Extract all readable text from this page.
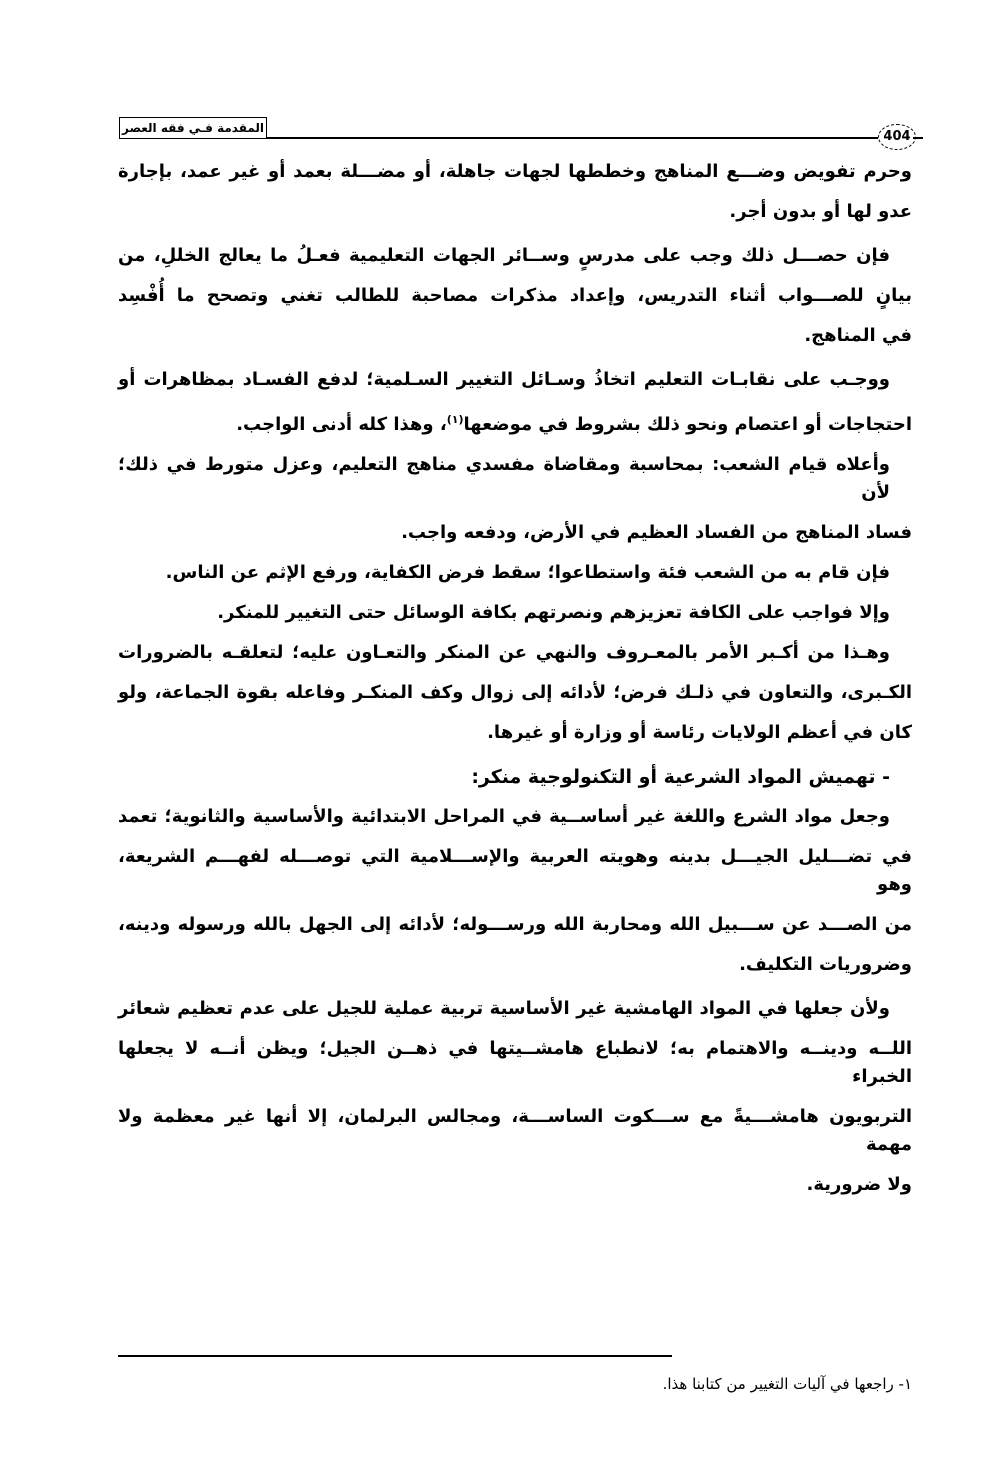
المقدمة فـي فقه العصر
404
وحرم تفويض وضـــع المناهج وخططها لجهات جاهلة، أو مضـــلة بعمد أو غير عمد، بإجارة
عدو لها أو بدون أجر.
فإن حصـــل ذلك وجب على مدرسٍ وســائر الجهات التعليمية فعـلُ ما يعالج الخللِ، من
بيانٍ للصـــواب أثناء التدريس، وإعداد مذكرات مصاحبة للطالب تغني وتصحح ما أُفْسِد
في المناهج.
ووجـب على نقابـات التعليم اتخاذُ وسـائل التغيير السـلمية؛ لدفع الفسـاد بمظاهرات أو
احتجاجات أو اعتصام ونحو ذلك بشروط في موضعها$^{(١)}$، وهذا كله أدنى الواجب.
وأعلاه قيام الشعب: بمحاسبة ومقاضاة مفسدي مناهج التعليم، وعزل متورط في ذلك؛ لأن
فساد المناهج من الفساد العظيم في الأرض، ودفعه واجب.
فإن قام به من الشعب فئة واستطاعوا؛ سقط فرض الكفاية، ورفع الإثم عن الناس.
وإلا فواجب على الكافة تعزيزهم ونصرتهم بكافة الوسائل حتى التغيير للمنكر.
وهـذا من أكـبر الأمر بالمعـروف والنهي عن المنكر والتعـاون عليه؛ لتعلقـه بالضرورات
الكـبرى، والتعاون في ذلـك فرض؛ لأدائه إلى زوال وكف المنكـر وفاعله بقوة الجماعة، ولو
كان في أعظم الولايات رئاسة أو وزارة أو غيرها.
- تهميش المواد الشرعية أو التكنولوجية منكر:
وجعل مواد الشرع واللغة غير أساســية في المراحل الابتدائية والأساسية والثانوية؛ تعمد
في تضـــليل الجيـــل بدينه وهويته العربية والإســـلامية التي توصـــله لفهـــم الشريعة، وهو
من الصـــد عن ســـبيل الله ومحاربة الله ورســـوله؛ لأدائه إلى الجهل بالله ورسوله ودينه،
وضروريات التكليف.
ولأن جعلها في المواد الهامشية غير الأساسية تربية عملية للجيل على عدم تعظيم شعائر
اللــه ودينــه والاهتمام به؛ لانطباع هامشــيتها في ذهــن الجيل؛ ويظن أنــه لا يجعلها الخبراء
التربويون هامشـــيةً مع ســـكوت الساســـة، ومجالس البرلمان، إلا أنها غير معظمة ولا مهمة
ولا ضرورية.
١- راجعها في آليات التغيير من كتابنا هذا.
